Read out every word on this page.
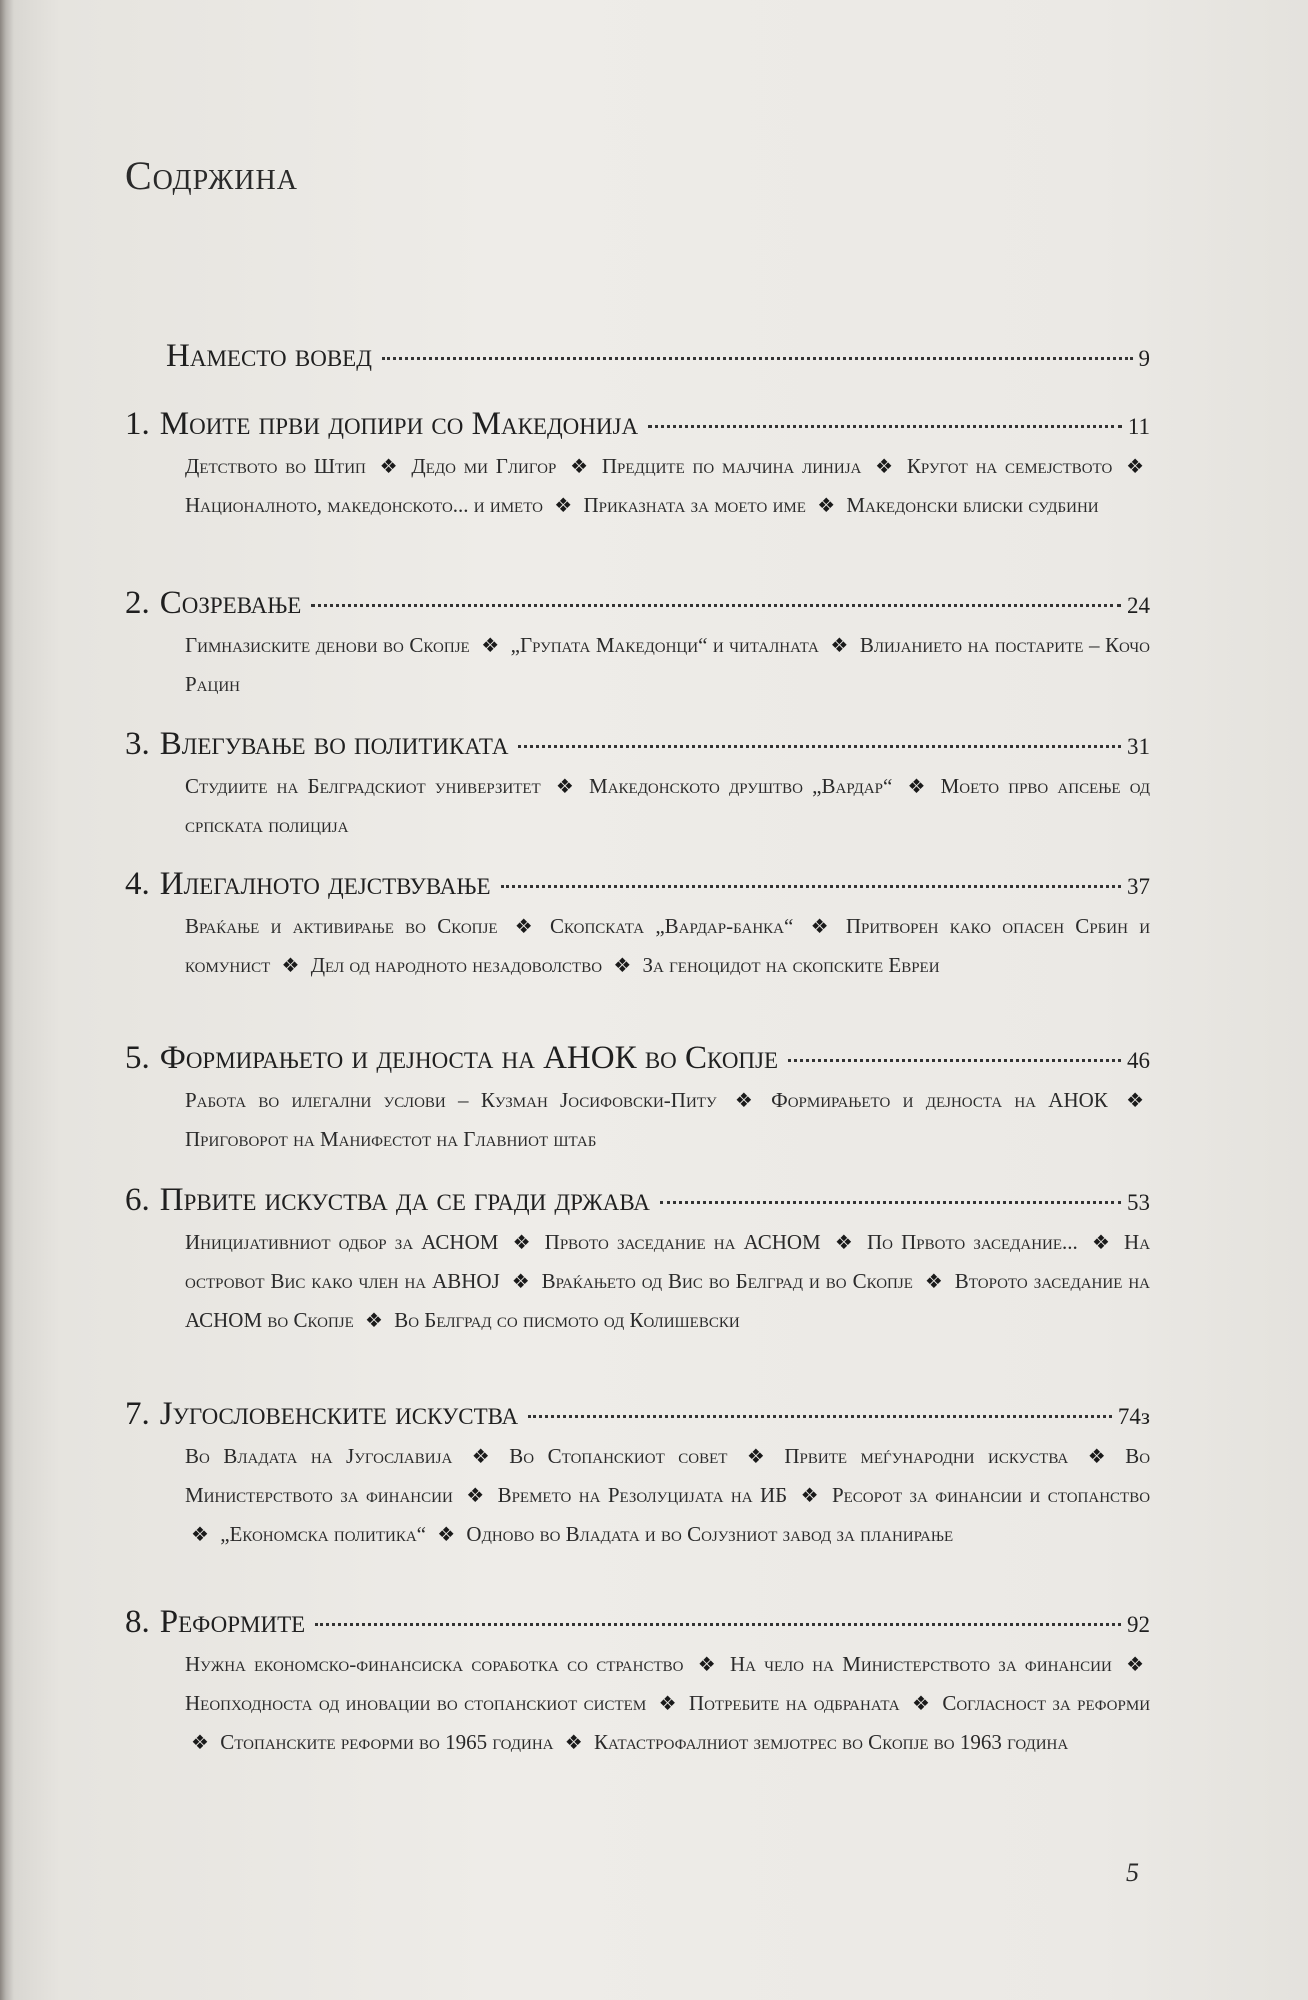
Содржина
Наместо вовед	9
1. Моите први допири со Македонија	11
Детството во Штип ❖ Дедо ми Глигор ❖ Предците по мајчина линија ❖ Кругот на семејството ❖ Националното, македонското... и името ❖ Приказната за моето име ❖ Македонски блиски судбини
2. Созревање	24
Гимназиските денови во Скопје ❖ „Групата Македонци“ и читалната ❖ Влијанието на постарите – Кочо Рацин
3. Влегување во политиката	31
Студиите на Белградскиот универзитет ❖ Македонското друштво „Вардар“ ❖ Моето прво апсење од српската полиција
4. Илегалното дејствување	37
Враќање и активирање во Скопје ❖ Скопската „Вардар-банка“ ❖ Притворен како опасен Србин и комунист ❖ Дел од народното незадоволство ❖ За геноцидот на скопските Евреи
5. Формирањето и дејноста на АНОК во Скопје	46
Работа во илегални услови – Кузман Јосифовски-Питу ❖ Формирањето и дејноста на АНОК ❖ Приговорот на Манифестот на Главниот штаб
6. Првите искуства да се гради држава	53
Иницијативниот одбор за АСНОМ ❖ Првото заседание на АСНОМ ❖ По Првото заседание... ❖ На островот Вис како член на АВНОЈ ❖ Враќањето од Вис во Белград и во Скопје ❖ Второто заседание на АСНОМ во Скопје ❖ Во Белград со писмото од Колишевски
7. Југословенските искуства	74з
Во Владата на Југославија ❖ Во Стопанскиот совет ❖ Првите меѓународни искуства ❖ Во Министерството за финансии ❖ Времето на Резолуцијата на ИБ ❖ Ресорот за финансии и стопанство ❖ „Економска политика“ ❖ Одново во Владата и во Сојузниот завод за планирање
8. Реформите	92
Нужна економско-финансиска соработка со странство ❖ На чело на Министерството за финансии ❖ Неопходноста од иновации во стопанскиот систем ❖ Потребите на одбраната ❖ Согласност за реформи ❖ Стопанските реформи во 1965 година ❖ Катастрофалниот земјотрес во Скопје во 1963 година
5
